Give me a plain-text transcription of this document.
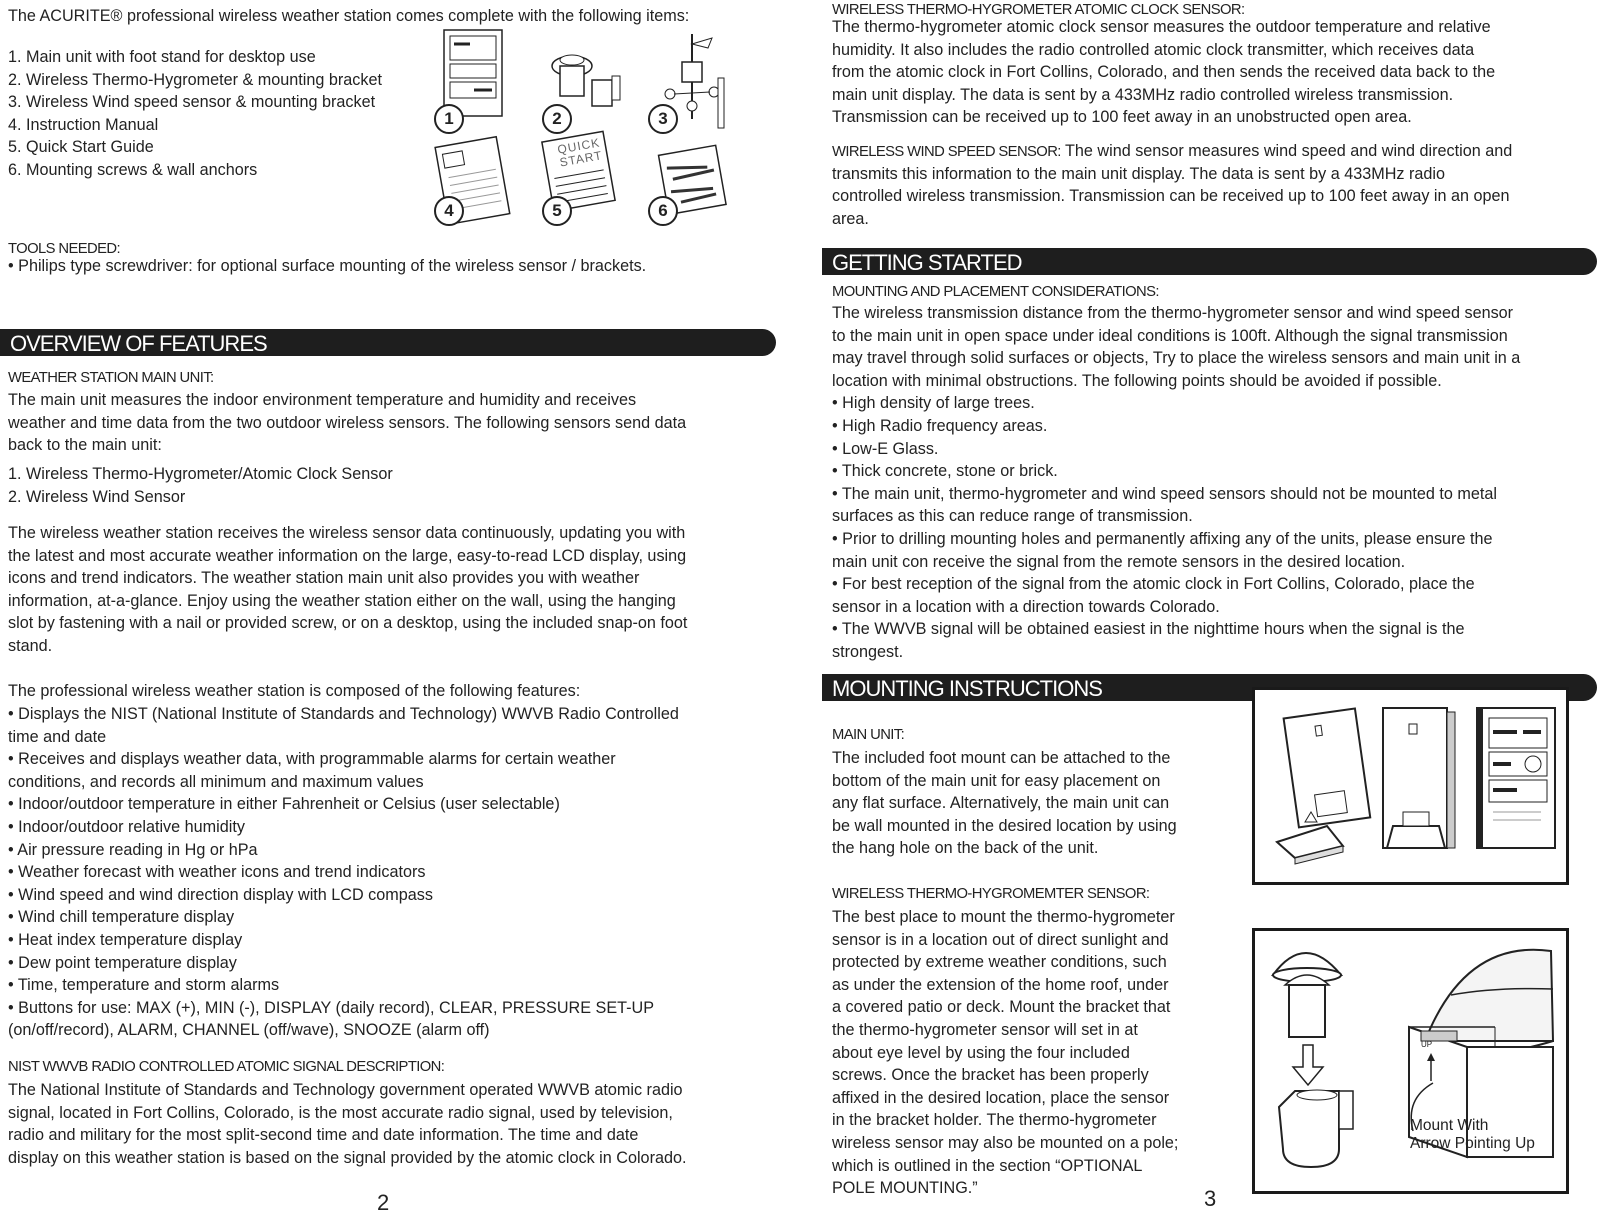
The ACURITE® professional wireless weather station comes complete with the following items:
1. Main unit with foot stand for desktop use
2. Wireless Thermo-Hygrometer & mounting bracket
3. Wireless Wind speed sensor & mounting bracket
4. Instruction Manual
5. Quick Start Guide
6. Mounting screws & wall anchors
QUICK START
1	2	3
4	5	6
TOOLS NEEDED:
• Philips type screwdriver: for optional surface mounting of the wireless sensor / brackets.
OVERVIEW OF FEATURES
WEATHER STATION MAIN UNIT:
The main unit measures the indoor environment temperature and humidity and receives
weather and time data from the two outdoor wireless sensors. The following sensors send data
back to the main unit:
1. Wireless Thermo-Hygrometer/Atomic Clock Sensor
2. Wireless Wind Sensor
The wireless weather station receives the wireless sensor data continuously, updating you with
the latest and most accurate weather information on the large, easy-to-read LCD display, using
icons and trend indicators. The weather station main unit also provides you with weather
information, at-a-glance. Enjoy using the weather station either on the wall, using the hanging
slot by fastening with a nail or provided screw, or on a desktop, using the included snap-on foot
stand.
The professional wireless weather station is composed of the following features:
• Displays the NIST (National Institute of Standards and Technology) WWVB Radio Controlled
time and date
• Receives and displays weather data, with programmable alarms for certain weather
conditions, and records all minimum and maximum values
• Indoor/outdoor temperature in either Fahrenheit or Celsius (user selectable)
• Indoor/outdoor relative humidity
• Air pressure reading in Hg or hPa
• Weather forecast with weather icons and trend indicators
• Wind speed and wind direction display with LCD compass
• Wind chill temperature display
• Heat index temperature display
• Dew point temperature display
• Time, temperature and storm alarms
• Buttons for use: MAX (+), MIN (-), DISPLAY (daily record), CLEAR, PRESSURE SET-UP
(on/off/record), ALARM, CHANNEL (off/wave), SNOOZE (alarm off)
NIST WWVB RADIO CONTROLLED ATOMIC SIGNAL DESCRIPTION:
The National Institute of Standards and Technology government operated WWVB atomic radio
signal, located in Fort Collins, Colorado, is the most accurate radio signal, used by television,
radio and military for the most split-second time and date information. The time and date
display on this weather station is based on the signal provided by the atomic clock in Colorado.
2
WIRELESS THERMO-HYGROMETER ATOMIC CLOCK SENSOR:
The thermo-hygrometer atomic clock sensor measures the outdoor temperature and relative
humidity. It also includes the radio controlled atomic clock transmitter, which receives data
from the atomic clock in Fort Collins, Colorado, and then sends the received data back to the
main unit display. The data is sent by a 433MHz radio controlled wireless transmission.
Transmission can be received up to 100 feet away in an unobstructed open area.
WIRELESS WIND SPEED SENSOR: The wind sensor measures wind speed and wind direction and
transmits this information to the main unit display. The data is sent by a 433MHz radio
controlled wireless transmission. Transmission can be received up to 100 feet away in an open
area.
GETTING STARTED
MOUNTING AND PLACEMENT CONSIDERATIONS:
The wireless transmission distance from the thermo-hygrometer sensor and wind speed sensor
to the main unit in open space under ideal conditions is 100ft. Although the signal transmission
may travel through solid surfaces or objects, Try to place the wireless sensors and main unit in a
location with minimal obstructions. The following points should be avoided if possible.
• High density of large trees.
• High Radio frequency areas.
• Low-E Glass.
• Thick concrete, stone or brick.
• The main unit, thermo-hygrometer and wind speed sensors should not be mounted to metal
surfaces as this can reduce range of transmission.
• Prior to drilling mounting holes and permanently affixing any of the units, please ensure the
main unit con receive the signal from the remote sensors in the desired location.
• For best reception of the signal from the atomic clock in Fort Collins, Colorado, place the
sensor in a location with a direction towards Colorado.
• The WWVB signal will be obtained easiest in the nighttime hours when the signal is the
strongest.
MOUNTING INSTRUCTIONS
MAIN UNIT:
The included foot mount can be attached to the
bottom of the main unit for easy placement on
any flat surface. Alternatively, the main unit can
be wall mounted in the desired location by using
the hang hole on the back of the unit.
WIRELESS THERMO-HYGROMEMTER SENSOR:
The best place to mount the thermo-hygrometer
sensor is in a location out of direct sunlight and
protected by extreme weather conditions, such
as under the extension of the home roof, under
a covered patio or deck. Mount the bracket that
the thermo-hygrometer sensor will set in at
about eye level by using the four included
screws. Once the bracket has been properly
affixed in the desired location, place the sensor
in the bracket holder. The thermo-hygrometer
wireless sensor may also be mounted on a pole;
which is outlined in the section “OPTIONAL
POLE MOUNTING.”
UP
Mount With
Arrow Pointing Up
3
